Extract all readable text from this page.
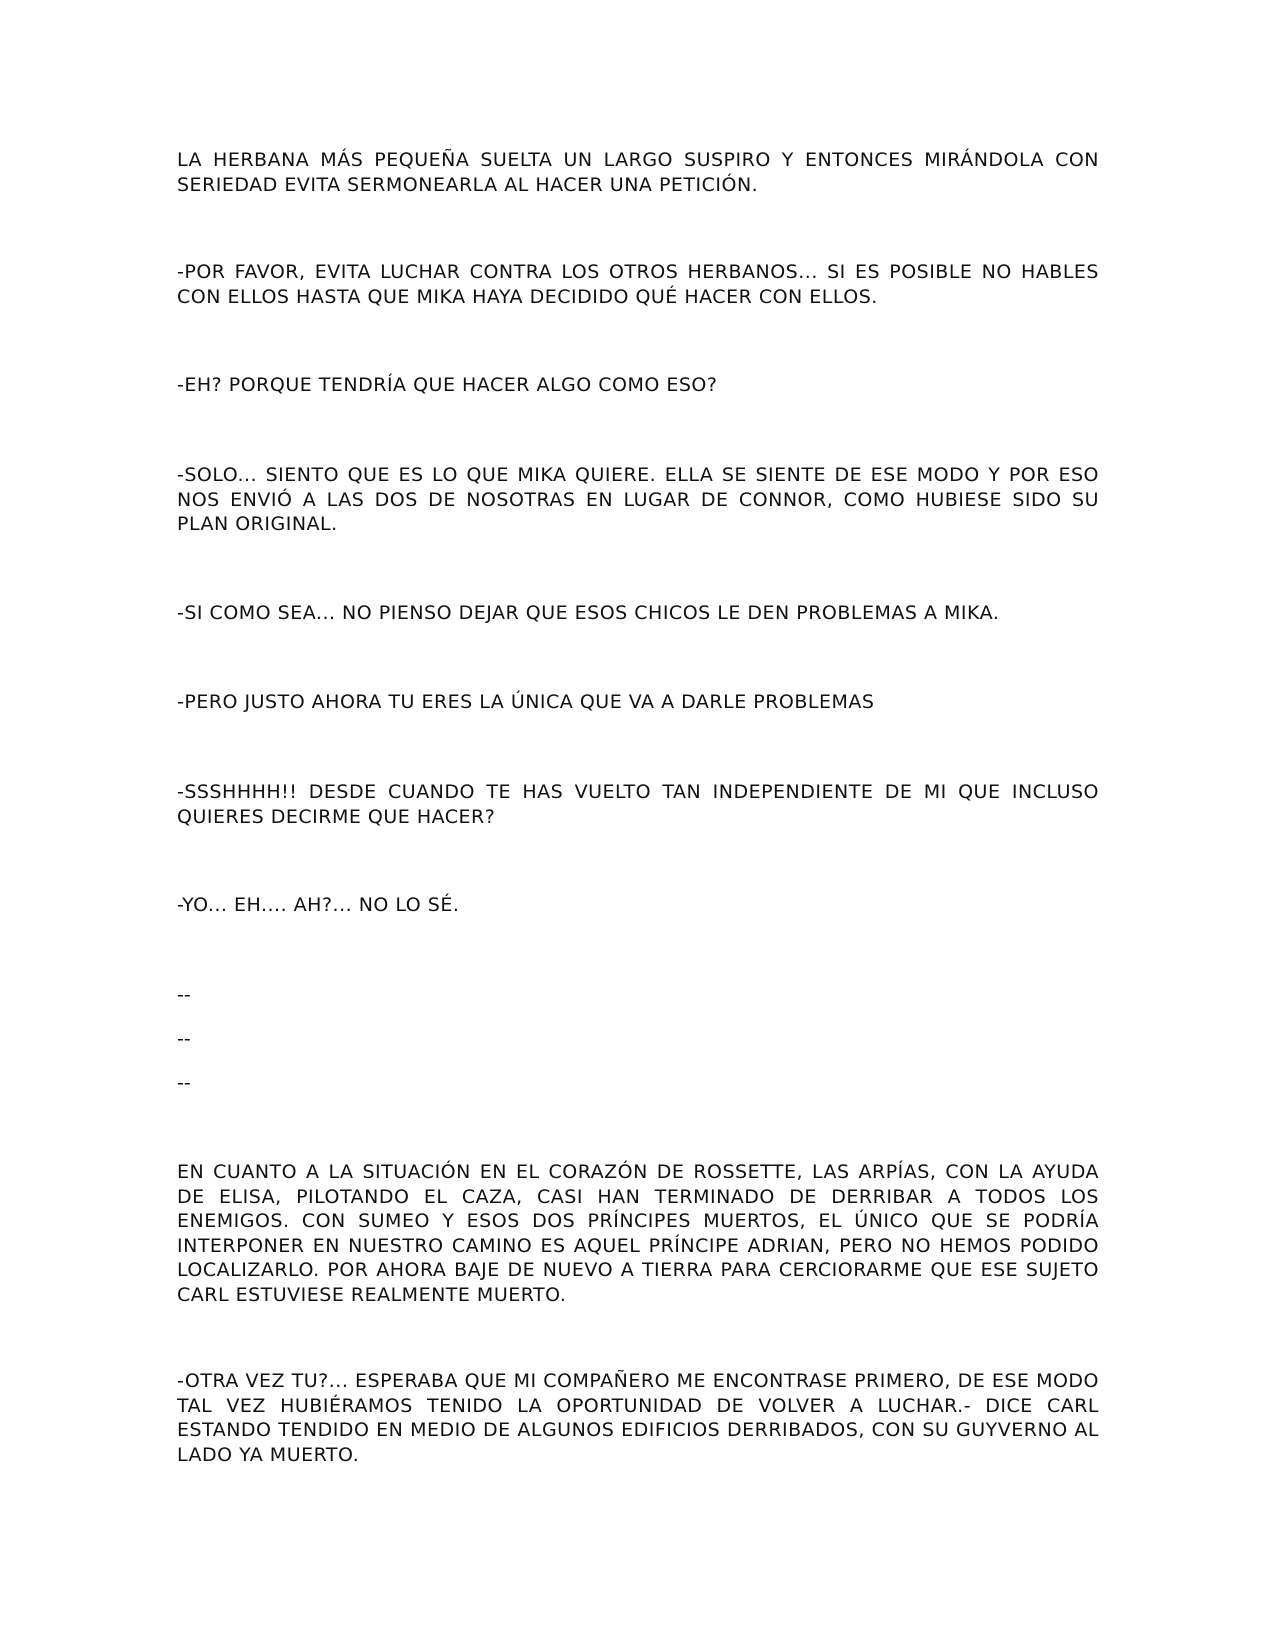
LA HERBANA MÁS PEQUEÑA SUELTA UN LARGO SUSPIRO Y ENTONCES MIRÁNDOLA CON SERIEDAD EVITA SERMONEARLA AL HACER UNA PETICIÓN.

-POR FAVOR, EVITA LUCHAR CONTRA LOS OTROS HERBANOS... SI ES POSIBLE NO HABLES CON ELLOS HASTA QUE MIKA HAYA DECIDIDO QUÉ HACER CON ELLOS.

-EH? PORQUE TENDRÍA QUE HACER ALGO COMO ESO?

-SOLO... SIENTO QUE ES LO QUE MIKA QUIERE. ELLA SE SIENTE DE ESE MODO Y POR ESO NOS ENVIÓ A LAS DOS DE NOSOTRAS EN LUGAR DE CONNOR, COMO HUBIESE SIDO SU PLAN ORIGINAL.

-SI COMO SEA... NO PIENSO DEJAR QUE ESOS CHICOS LE DEN PROBLEMAS A MIKA.

-PERO JUSTO AHORA TU ERES LA ÚNICA QUE VA A DARLE PROBLEMAS

-SSSHHHH!! DESDE CUANDO TE HAS VUELTO TAN INDEPENDIENTE DE MI QUE INCLUSO QUIERES DECIRME QUE HACER?

-YO... EH.... AH?... NO LO SÉ.

--
--
--

EN CUANTO A LA SITUACIÓN EN EL CORAZÓN DE ROSSETTE, LAS ARPÍAS, CON LA AYUDA DE ELISA, PILOTANDO EL CAZA, CASI HAN TERMINADO DE DERRIBAR A TODOS LOS ENEMIGOS. CON SUMEO Y ESOS DOS PRÍNCIPES MUERTOS, EL ÚNICO QUE SE PODRÍA INTERPONER EN NUESTRO CAMINO ES AQUEL PRÍNCIPE ADRIAN, PERO NO HEMOS PODIDO LOCALIZARLO. POR AHORA BAJE DE NUEVO A TIERRA PARA CERCIORARME QUE ESE SUJETO CARL ESTUVIESE REALMENTE MUERTO.

-OTRA VEZ TU?... ESPERABA QUE MI COMPAÑERO ME ENCONTRASE PRIMERO, DE ESE MODO TAL VEZ HUBIÉRAMOS TENIDO LA OPORTUNIDAD DE VOLVER A LUCHAR.- DICE CARL ESTANDO TENDIDO EN MEDIO DE ALGUNOS EDIFICIOS DERRIBADOS, CON SU GUYVERNO AL LADO YA MUERTO.
